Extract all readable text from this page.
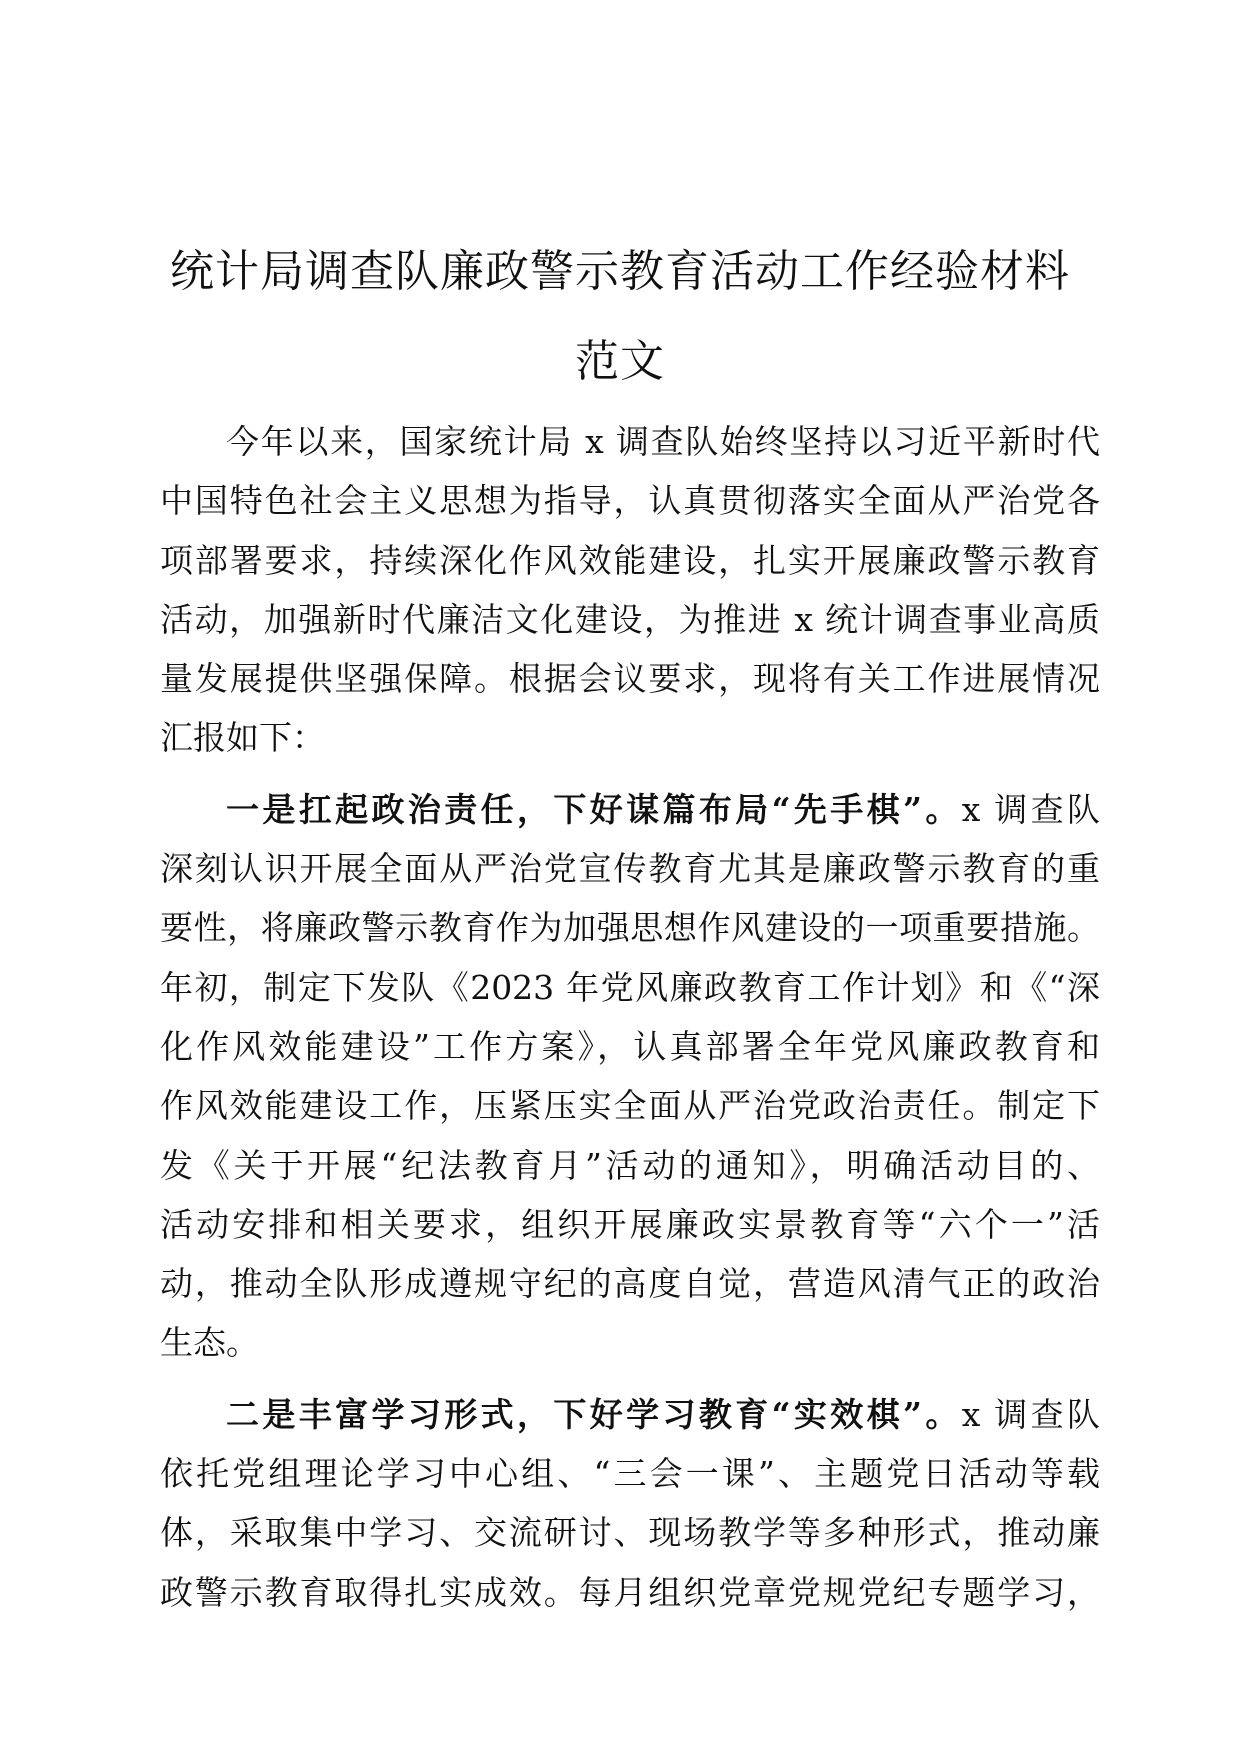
统计局调查队廉政警示教育活动工作经验材料
范文
今年以来，国家统计局 x 调查队始终坚持以习近平新时代
中国特色社会主义思想为指导，认真贯彻落实全面从严治党各
项部署要求，持续深化作风效能建设，扎实开展廉政警示教育
活动，加强新时代廉洁文化建设，为推进 x 统计调查事业高质
量发展提供坚强保障。根据会议要求，现将有关工作进展情况
汇报如下：
一是扛起政治责任，下好谋篇布局“先手棋”。x 调查队
深刻认识开展全面从严治党宣传教育尤其是廉政警示教育的重
要性，将廉政警示教育作为加强思想作风建设的一项重要措施。
年初，制定下发队《2023 年党风廉政教育工作计划》和《“深
化作风效能建设”工作方案》，认真部署全年党风廉政教育和
作风效能建设工作，压紧压实全面从严治党政治责任。制定下
发《关于开展“纪法教育月”活动的通知》，明确活动目的、
活动安排和相关要求，组织开展廉政实景教育等“六个一”活
动，推动全队形成遵规守纪的高度自觉，营造风清气正的政治
生态。
二是丰富学习形式，下好学习教育“实效棋”。x 调查队
依托党组理论学习中心组、“三会一课”、主题党日活动等载
体，采取集中学习、交流研讨、现场教学等多种形式，推动廉
政警示教育取得扎实成效。每月组织党章党规党纪专题学习，
